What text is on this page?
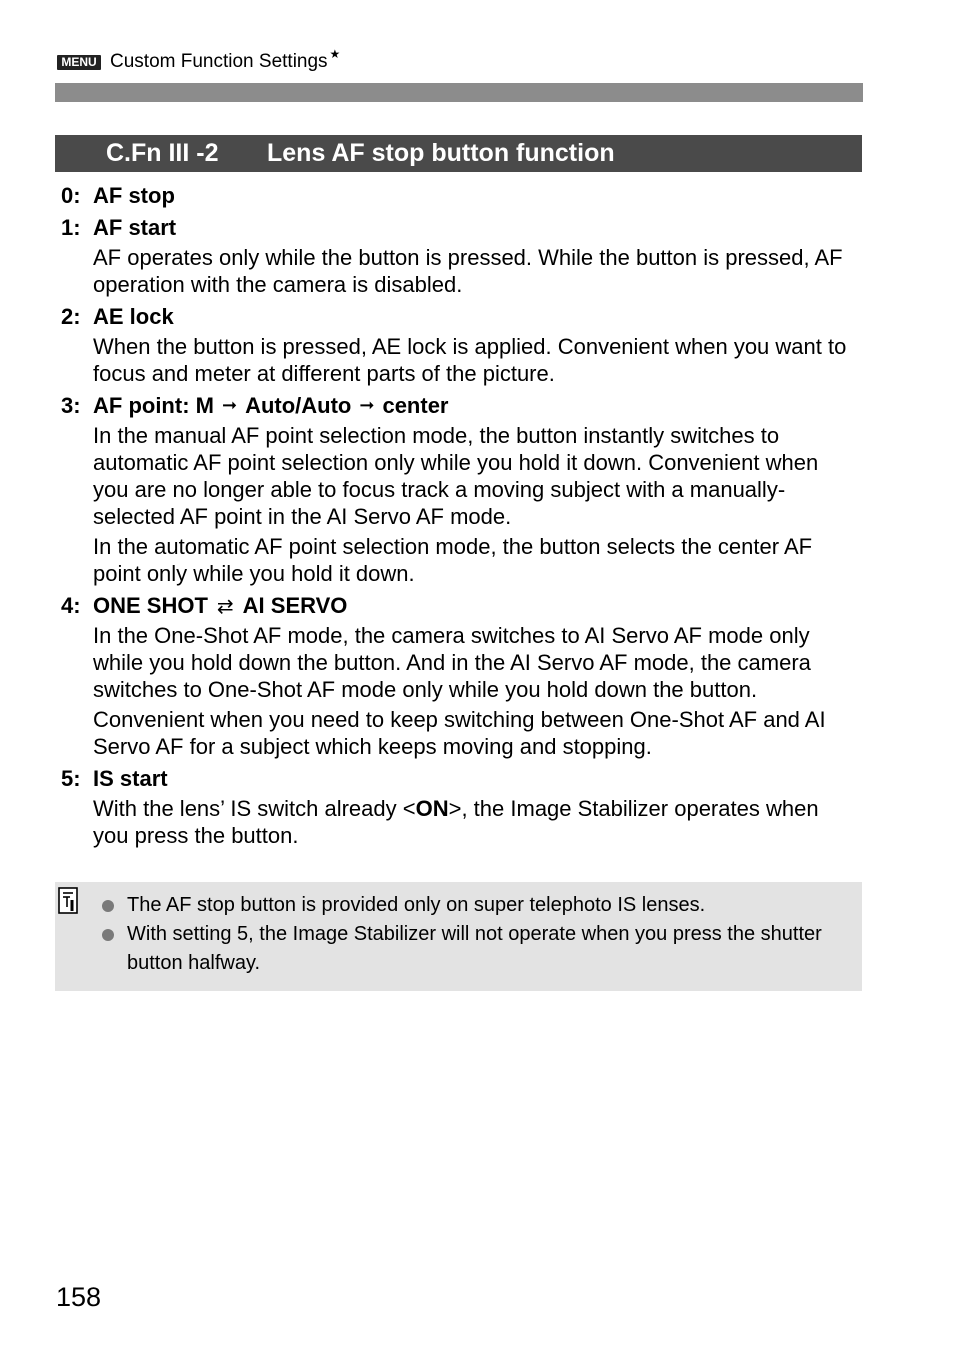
MENU Custom Function Settings ★
C.Fn III -2 Lens AF stop button function
0: AF stop
1: AF start
AF operates only while the button is pressed. While the button is pressed, AF operation with the camera is disabled.
2: AE lock
When the button is pressed, AE lock is applied. Convenient when you want to focus and meter at different parts of the picture.
3: AF point: M ➞ Auto/Auto ➞ center
In the manual AF point selection mode, the button instantly switches to automatic AF point selection only while you hold it down. Convenient when you are no longer able to focus track a moving subject with a manually-selected AF point in the AI Servo AF mode.
In the automatic AF point selection mode, the button selects the center AF point only while you hold it down.
4: ONE SHOT ⇄ AI SERVO
In the One-Shot AF mode, the camera switches to AI Servo AF mode only while you hold down the button. And in the AI Servo AF mode, the camera switches to One-Shot AF mode only while you hold down the button.
Convenient when you need to keep switching between One-Shot AF and AI Servo AF for a subject which keeps moving and stopping.
5: IS start
With the lens’ IS switch already <ON>, the Image Stabilizer operates when you press the button.
The AF stop button is provided only on super telephoto IS lenses.
With setting 5, the Image Stabilizer will not operate when you press the shutter button halfway.
158
